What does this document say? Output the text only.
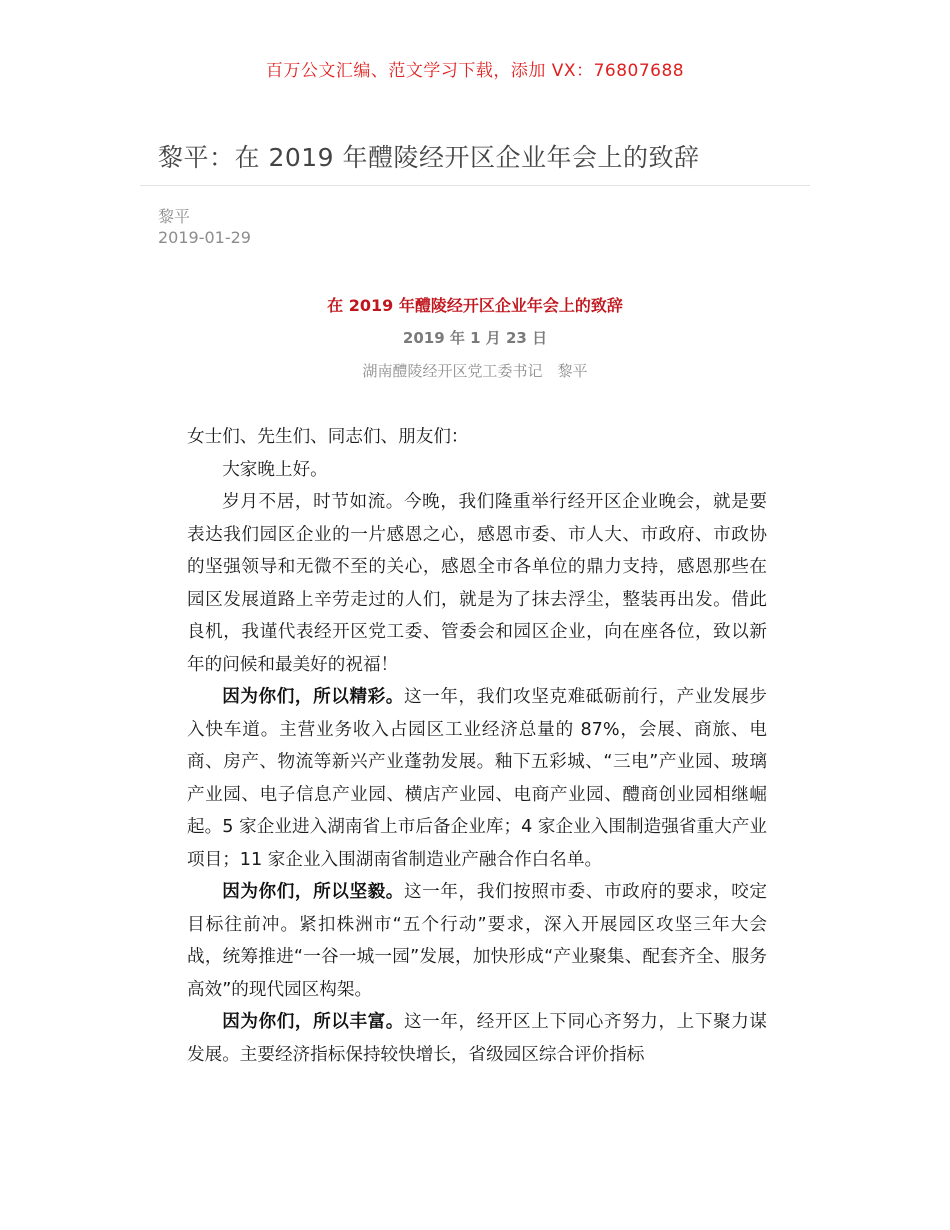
百万公文汇编、范文学习下载，添加 VX：76807688
黎平：在 2019 年醴陵经开区企业年会上的致辞
黎平
2019-01-29
在 2019 年醴陵经开区企业年会上的致辞
2019 年 1 月 23 日
湖南醴陵经开区党工委书记　黎平

女士们、先生们、同志们、朋友们：

大家晚上好。

岁月不居，时节如流。今晚，我们隆重举行经开区企业晚会，就是要表达我们园区企业的一片感恩之心，感恩市委、市人大、市政府、市政协的坚强领导和无微不至的关心，感恩全市各单位的鼎力支持，感恩那些在园区发展道路上辛劳走过的人们，就是为了抹去浮尘，整装再出发。借此良机，我谨代表经开区党工委、管委会和园区企业，向在座各位，致以新年的问候和最美好的祝福！

因为你们，所以精彩。这一年，我们攻坚克难砥砺前行，产业发展步入快车道。主营业务收入占园区工业经济总量的 87%，会展、商旅、电商、房产、物流等新兴产业蓬勃发展。釉下五彩城、“三电”产业园、玻璃产业园、电子信息产业园、横店产业园、电商产业园、醴商创业园相继崛起。5 家企业进入湖南省上市后备企业库；4 家企业入围制造强省重大产业项目；11 家企业入围湖南省制造业产融合作白名单。

因为你们，所以坚毅。这一年，我们按照市委、市政府的要求，咬定目标往前冲。紧扣株洲市“五个行动”要求，深入开展园区攻坚三年大会战，统筹推进“一谷一城一园”发展，加快形成“产业聚集、配套齐全、服务高效”的现代园区构架。

因为你们，所以丰富。这一年，经开区上下同心齐努力，上下聚力谋发展。主要经济指标保持较快增长，省级园区综合评价指标
